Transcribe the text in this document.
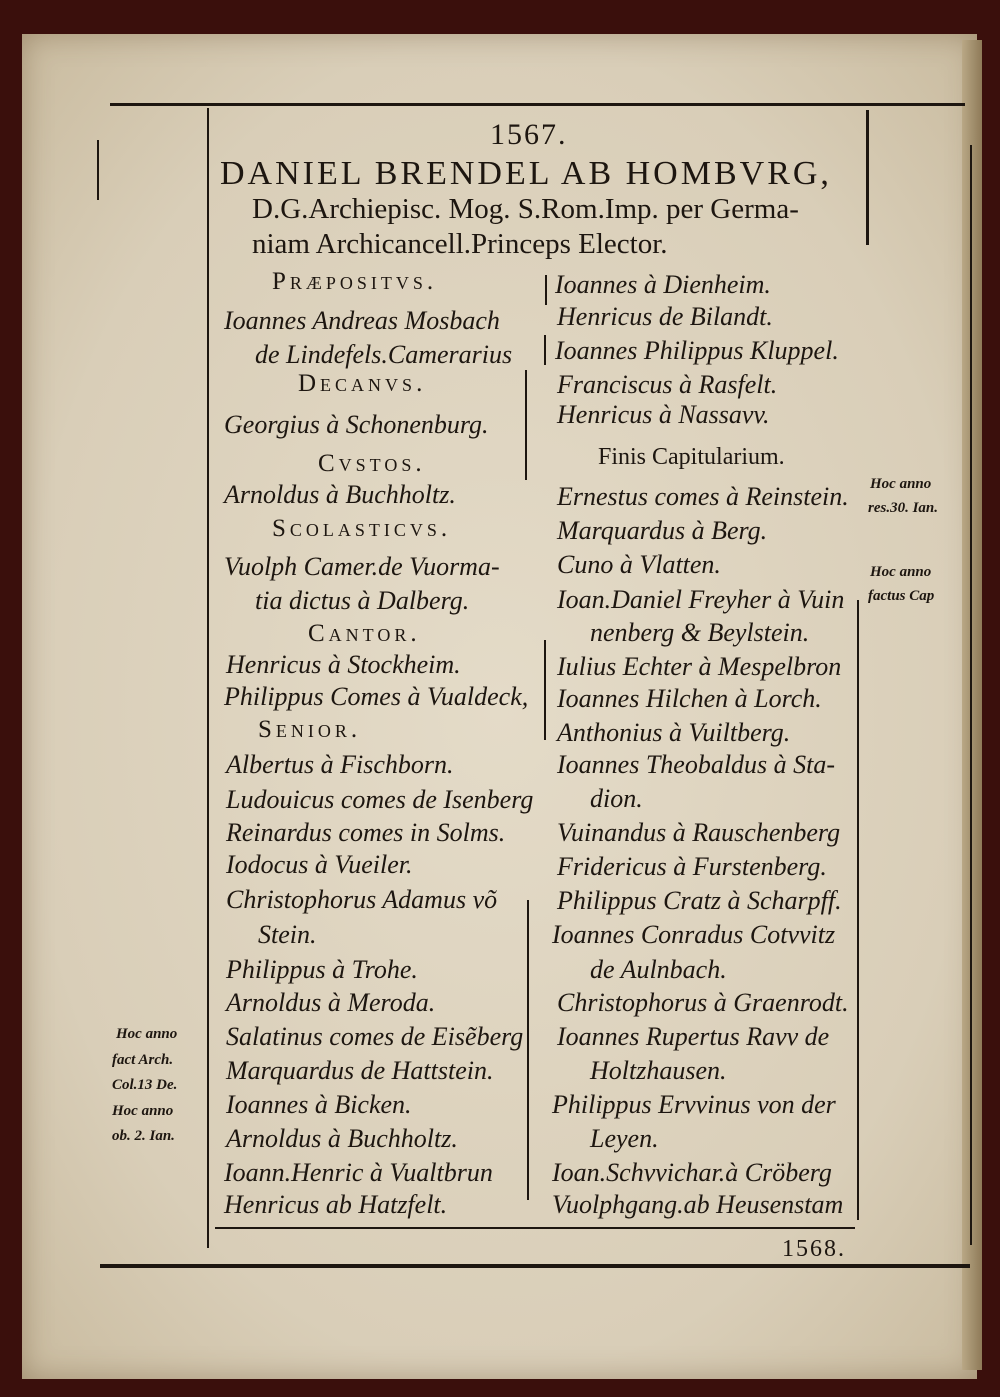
1567.
DANIEL BRENDEL AB HOMBVRG,
D.G.Archiepisc. Mog. S.Rom.Imp. per Germa-
niam Archicancell.Princeps Elector.
Præpositvs.
Ioannes Andreas Mosbach
de Lindefels.Camerarius
Decanvs.
Georgius à Schonenburg.
Cvstos.
Arnoldus à Buchholtz.
Scolasticvs.
Vuolph Camer.de Vuorma-
tia dictus à Dalberg.
Cantor.
Henricus à Stockheim.
Philippus Comes à Vualdeck,
Senior.
Albertus à Fischborn.
Ludouicus comes de Isenberg
Reinardus comes in Solms.
Iodocus à Vueiler.
Christophorus Adamus võ
Stein.
Philippus à Trohe.
Arnoldus à Meroda.
Salatinus comes de Eisẽberg
Marquardus de Hattstein.
Ioannes à Bicken.
Arnoldus à Buchholtz.
Ioann.Henric à Vualtbrun
Henricus ab Hatzfelt.
Ioannes à Dienheim.
Henricus de Bilandt.
Ioannes Philippus Kluppel.
Franciscus à Rasfelt.
Henricus à Nassavv.
Finis Capitularium.
Ernestus comes à Reinstein.
Marquardus à Berg.
Cuno à Vlatten.
Ioan.Daniel Freyher à Vuin
nenberg & Beylstein.
Iulius Echter à Mespelbron
Ioannes Hilchen à Lorch.
Anthonius à Vuiltberg.
Ioannes Theobaldus à Sta-
dion.
Vuinandus à Rauschenberg
Fridericus à Furstenberg.
Philippus Cratz à Scharpff.
Ioannes Conradus Cotvvitz
de Aulnbach.
Christophorus à Graenrodt.
Ioannes Rupertus Ravv de
Holtzhausen.
Philippus Ervvinus von der
Leyen.
Ioan.Schvvichar.à Cröberg
Vuolphgang.ab Heusenstam
Hoc anno
res.30. Ian.
Hoc anno
factus Cap
Hoc anno
fact Arch.
Col.13 De.
Hoc anno
ob. 2. Ian.
1568.
